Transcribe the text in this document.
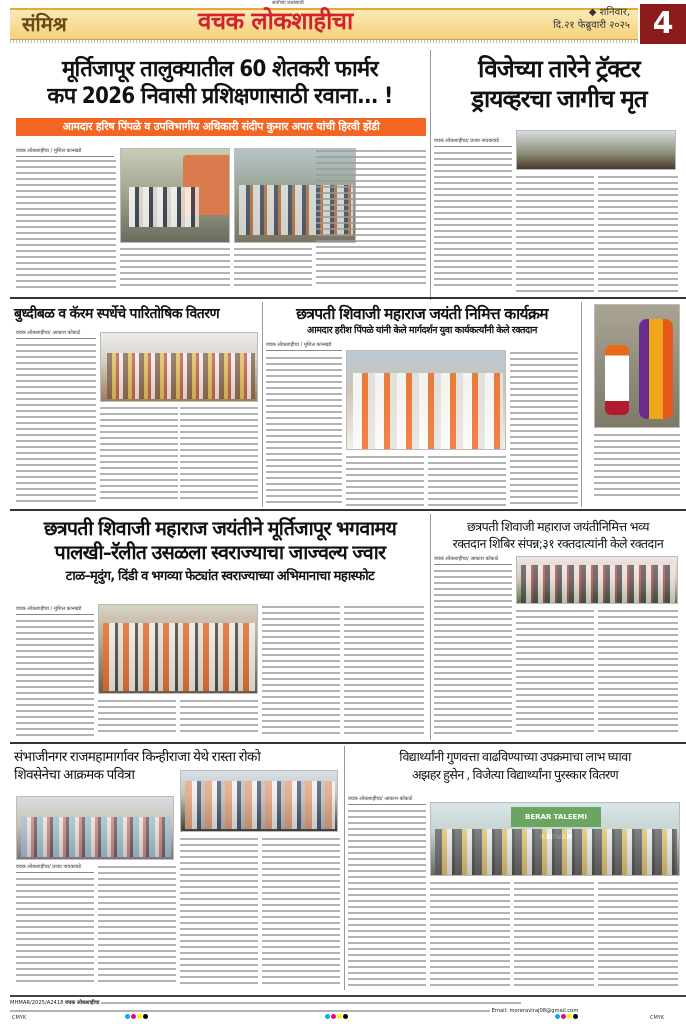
संमिश्र	वचक लोकशाहीचा
सर्वांच्या प्रश्नांसाठी
◆ शनिवार,
दि.२१ फेब्रुवारी २०२५ 4
मूर्तिजापूर तालुक्यातील 60 शेतकरी फार्मर
कप 2026 निवासी प्रशिक्षणासाठी रवाना... !
आमदार हरिष पिंपळे व उपविभागीय अधिकारी संदीप कुमार अपार यांची हिरवी झेंडी
वचक लोकशाहीचा / मुशिल कानखडे
विजेच्या तारेने ट्रॅक्टर
ड्रायव्हरचा जागीच मृत
वचक लोकशाहीचा/ प्रजय नायकवाडे
बुध्दीबळ व कॅरम स्पर्धेचे पारितोषिक वितरण
वचक लोकशाहीचा/ आकाश कोकाटे
छत्रपती शिवाजी महाराज जयंती निमित्त कार्यक्रम
आमदार हरीश पिंपळे यांनी केले मार्गदर्शन युवा कार्यकर्त्यांनी केले रक्तदान
वचक लोकशाहीचा / मुशिल कानखडे
छत्रपती शिवाजी महाराज जयंतीने मूर्तिजापूर भगवामय
पालखी–रॅलीत उसळला स्वराज्याचा जाज्वल्य ज्वार
टाळ–मृदुंग, दिंडी व भगव्या फेट्यांत स्वराज्याच्या अभिमानाचा महास्फोट
वचक लोकशाहीचा / मुशिल कानखडे
छत्रपती शिवाजी महाराज जयंतीनिमित्त भव्य
रक्तदान शिबिर संपन्न;३१ रक्तदात्यांनी केले रक्तदान
वचक लोकशाहीचा/ आकाश कोकाटे
संभाजीनगर राजमहामार्गावर किन्हीराजा येथे रास्ता रोको
शिवसेनेचा आक्रमक पवित्रा
वचक लोकशाहीचा/ प्रजय नायकवाडे
विद्यार्थ्यांनी गुणवत्ता वाढविण्याच्या उपक्रमाचा लाभ घ्यावा
अझहर हुसेन , विजेत्या विद्यार्थ्यांना पुरस्कार वितरण
वचक लोकशाहीचा/ आकाश कोकाटे
BERAR TALEEMI
MHMAR/2025/A2418 वचक लोकशाहीचा
Email: moreraviraj08@gmail.com
CMYK	CMYK
